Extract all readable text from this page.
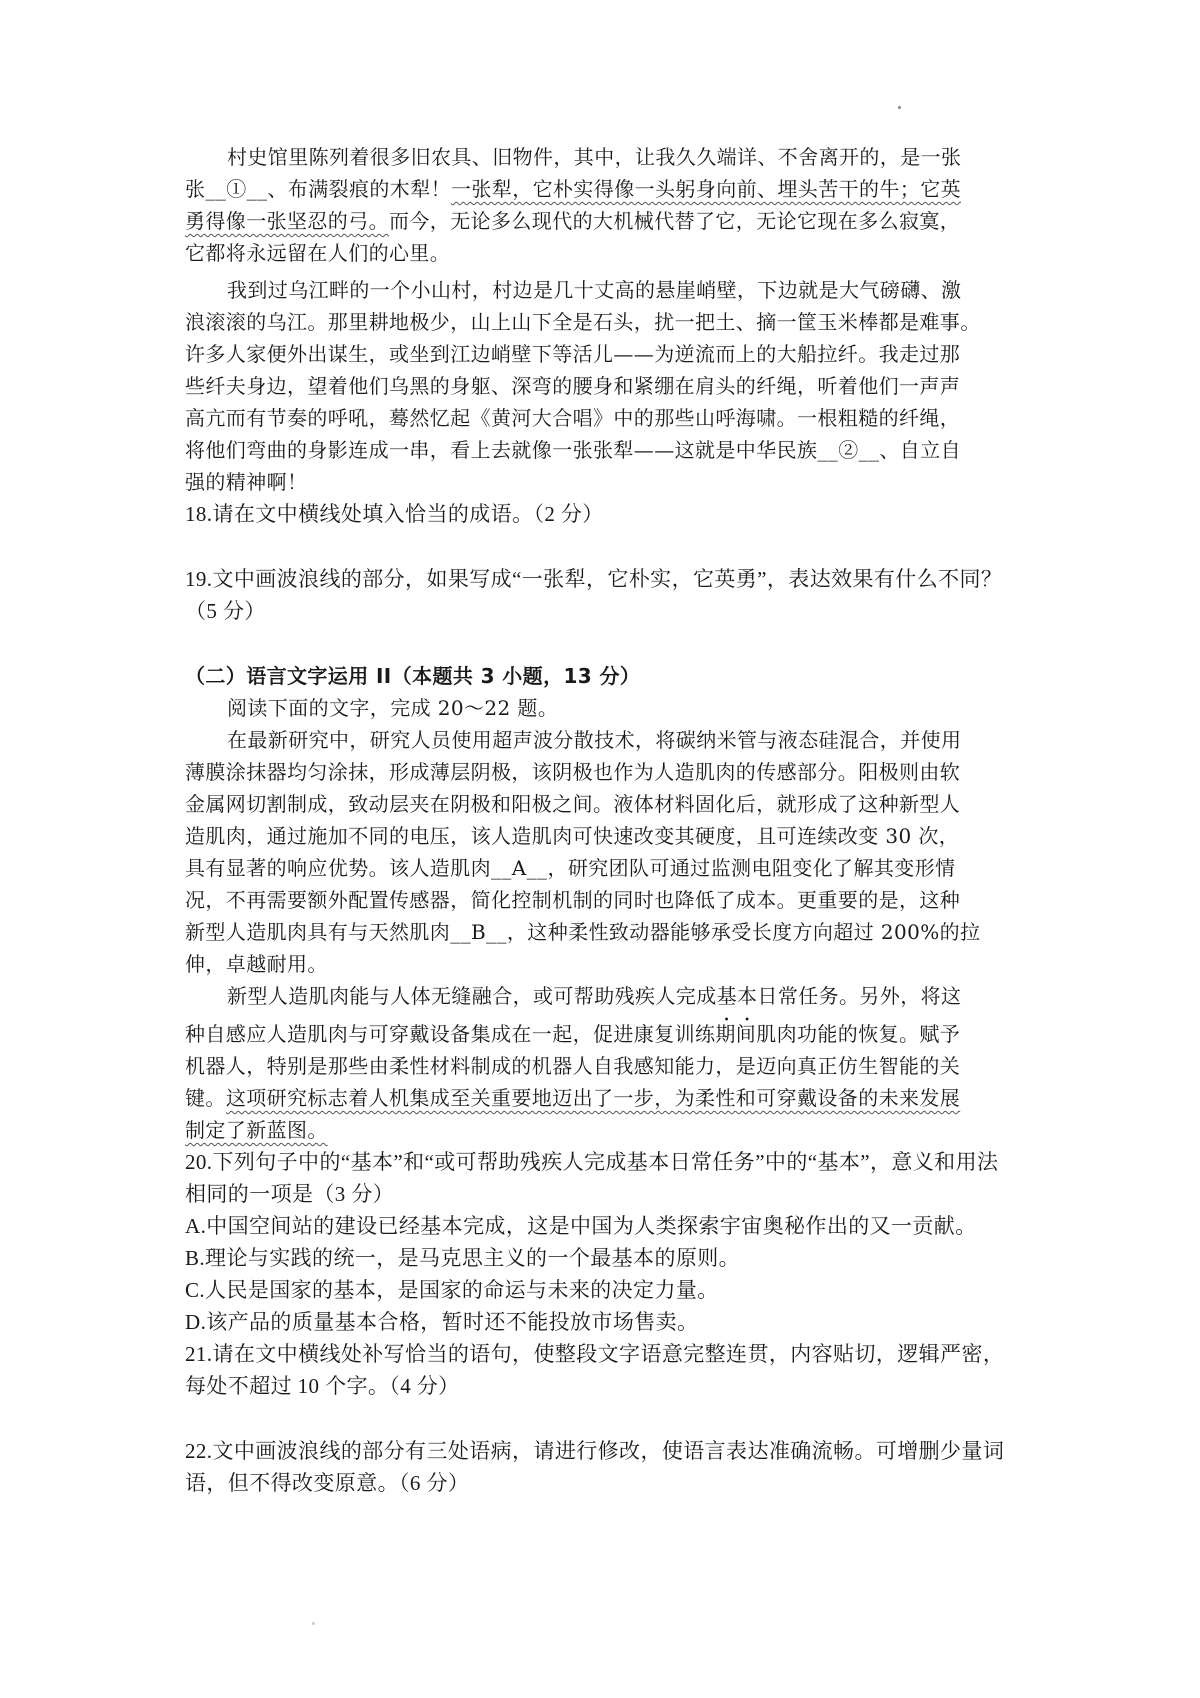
村史馆里陈列着很多旧农具、旧物件，其中，让我久久端详、不舍离开的，是一张
张__①__、布满裂痕的木犁！一张犁，它朴实得像一头躬身向前、埋头苦干的牛；它英
勇得像一张坚忍的弓。而今，无论多么现代的大机械代替了它，无论它现在多么寂寞，
它都将永远留在人们的心里。
我到过乌江畔的一个小山村，村边是几十丈高的悬崖峭壁，下边就是大气磅礴、激
浪滚滚的乌江。那里耕地极少，山上山下全是石头，扰一把土、摘一筐玉米棒都是难事。
许多人家便外出谋生，或坐到江边峭壁下等活儿——为逆流而上的大船拉纤。我走过那
些纤夫身边，望着他们乌黑的身躯、深弯的腰身和紧绷在肩头的纤绳，听着他们一声声
高亢而有节奏的呼吼，蓦然忆起《黄河大合唱》中的那些山呼海啸。一根粗糙的纤绳，
将他们弯曲的身影连成一串，看上去就像一张张犁——这就是中华民族__②__、自立自
强的精神啊！
18.请在文中横线处填入恰当的成语。（2 分）
19.文中画波浪线的部分，如果写成“一张犁，它朴实，它英勇”，表达效果有什么不同？
（5 分）
（二）语言文字运用 II（本题共 3 小题，13 分）
阅读下面的文字，完成 20～22 题。
在最新研究中，研究人员使用超声波分散技术，将碳纳米管与液态硅混合，并使用
薄膜涂抹器均匀涂抹，形成薄层阴极，该阴极也作为人造肌肉的传感部分。阳极则由软
金属网切割制成，致动层夹在阴极和阳极之间。液体材料固化后，就形成了这种新型人
造肌肉，通过施加不同的电压，该人造肌肉可快速改变其硬度，且可连续改变 30 次，
具有显著的响应优势。该人造肌肉__A__，研究团队可通过监测电阻变化了解其变形情
况，不再需要额外配置传感器，简化控制机制的同时也降低了成本。更重要的是，这种
新型人造肌肉具有与天然肌肉__B__，这种柔性致动器能够承受长度方向超过 200%的拉
伸，卓越耐用。
新型人造肌肉能与人体无缝融合，或可帮助残疾人完成基本日常任务。另外，将这
种自感应人造肌肉与可穿戴设备集成在一起，促进康复训练期间肌肉功能的恢复。赋予
机器人，特别是那些由柔性材料制成的机器人自我感知能力，是迈向真正仿生智能的关
键。这项研究标志着人机集成至关重要地迈出了一步，为柔性和可穿戴设备的未来发展
制定了新蓝图。
20.下列句子中的“基本”和“或可帮助残疾人完成基本日常任务”中的“基本”，意义和用法
相同的一项是（3 分）
A.中国空间站的建设已经基本完成，这是中国为人类探索宇宙奥秘作出的又一贡献。
B.理论与实践的统一，是马克思主义的一个最基本的原则。
C.人民是国家的基本，是国家的命运与未来的决定力量。
D.该产品的质量基本合格，暂时还不能投放市场售卖。
21.请在文中横线处补写恰当的语句，使整段文字语意完整连贯，内容贴切，逻辑严密，
每处不超过 10 个字。（4 分）
22.文中画波浪线的部分有三处语病，请进行修改，使语言表达准确流畅。可增删少量词
语，但不得改变原意。（6 分）
